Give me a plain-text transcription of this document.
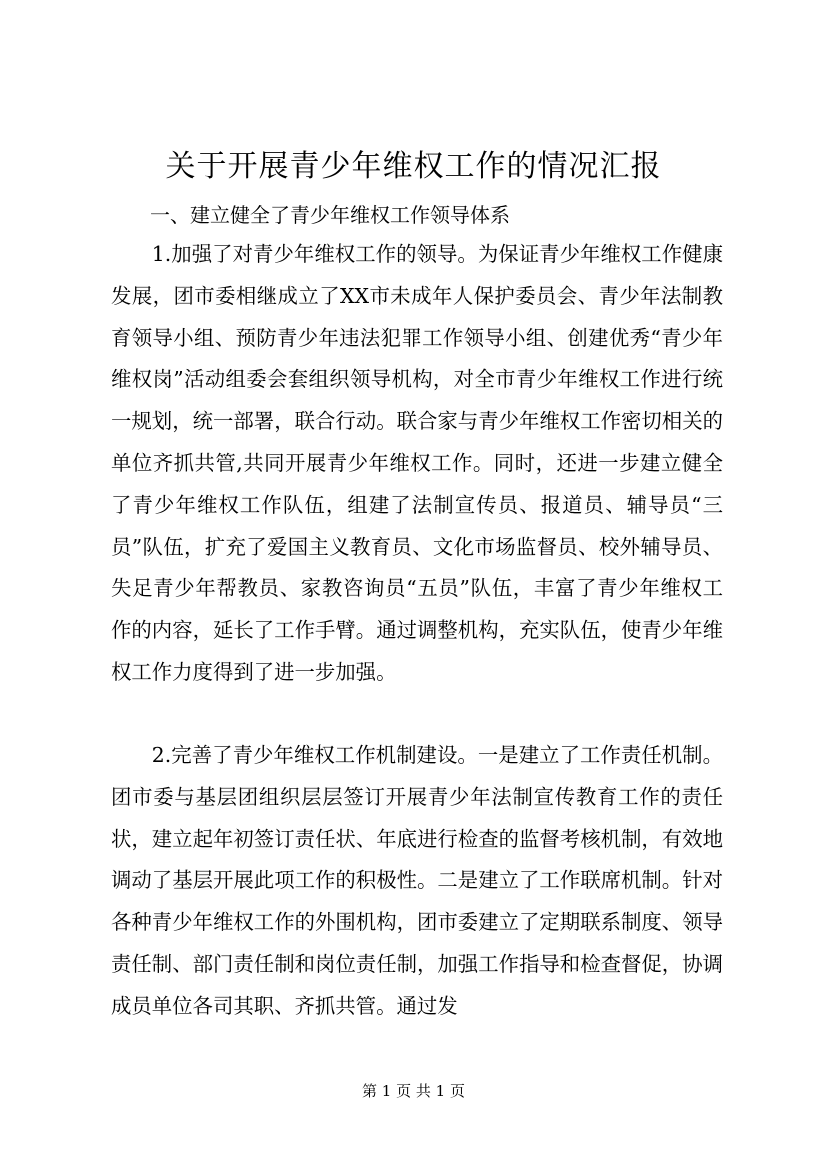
关于开展青少年维权工作的情况汇报

一、建立健全了青少年维权工作领导体系

1.加强了对青少年维权工作的领导。为保证青少年维权工作健康发展，团市委相继成立了XX市未成年人保护委员会、青少年法制教育领导小组、预防青少年违法犯罪工作领导小组、创建优秀“青少年维权岗”活动组委会套组织领导机构，对全市青少年维权工作进行统一规划，统一部署，联合行动。联合家与青少年维权工作密切相关的单位齐抓共管,共同开展青少年维权工作。同时，还进一步建立健全了青少年维权工作队伍，组建了法制宣传员、报道员、辅导员“三员”队伍，扩充了爱国主义教育员、文化市场监督员、校外辅导员、失足青少年帮教员、家教咨询员“五员”队伍，丰富了青少年维权工作的内容，延长了工作手臂。通过调整机构，充实队伍，使青少年维权工作力度得到了进一步加强。

2.完善了青少年维权工作机制建设。一是建立了工作责任机制。团市委与基层团组织层层签订开展青少年法制宣传教育工作的责任状，建立起年初签订责任状、年底进行检查的监督考核机制，有效地调动了基层开展此项工作的积极性。二是建立了工作联席机制。针对各种青少年维权工作的外围机构，团市委建立了定期联系制度、领导责任制、部门责任制和岗位责任制，加强工作指导和检查督促，协调成员单位各司其职、齐抓共管。通过发

第 1 页 共 1 页
